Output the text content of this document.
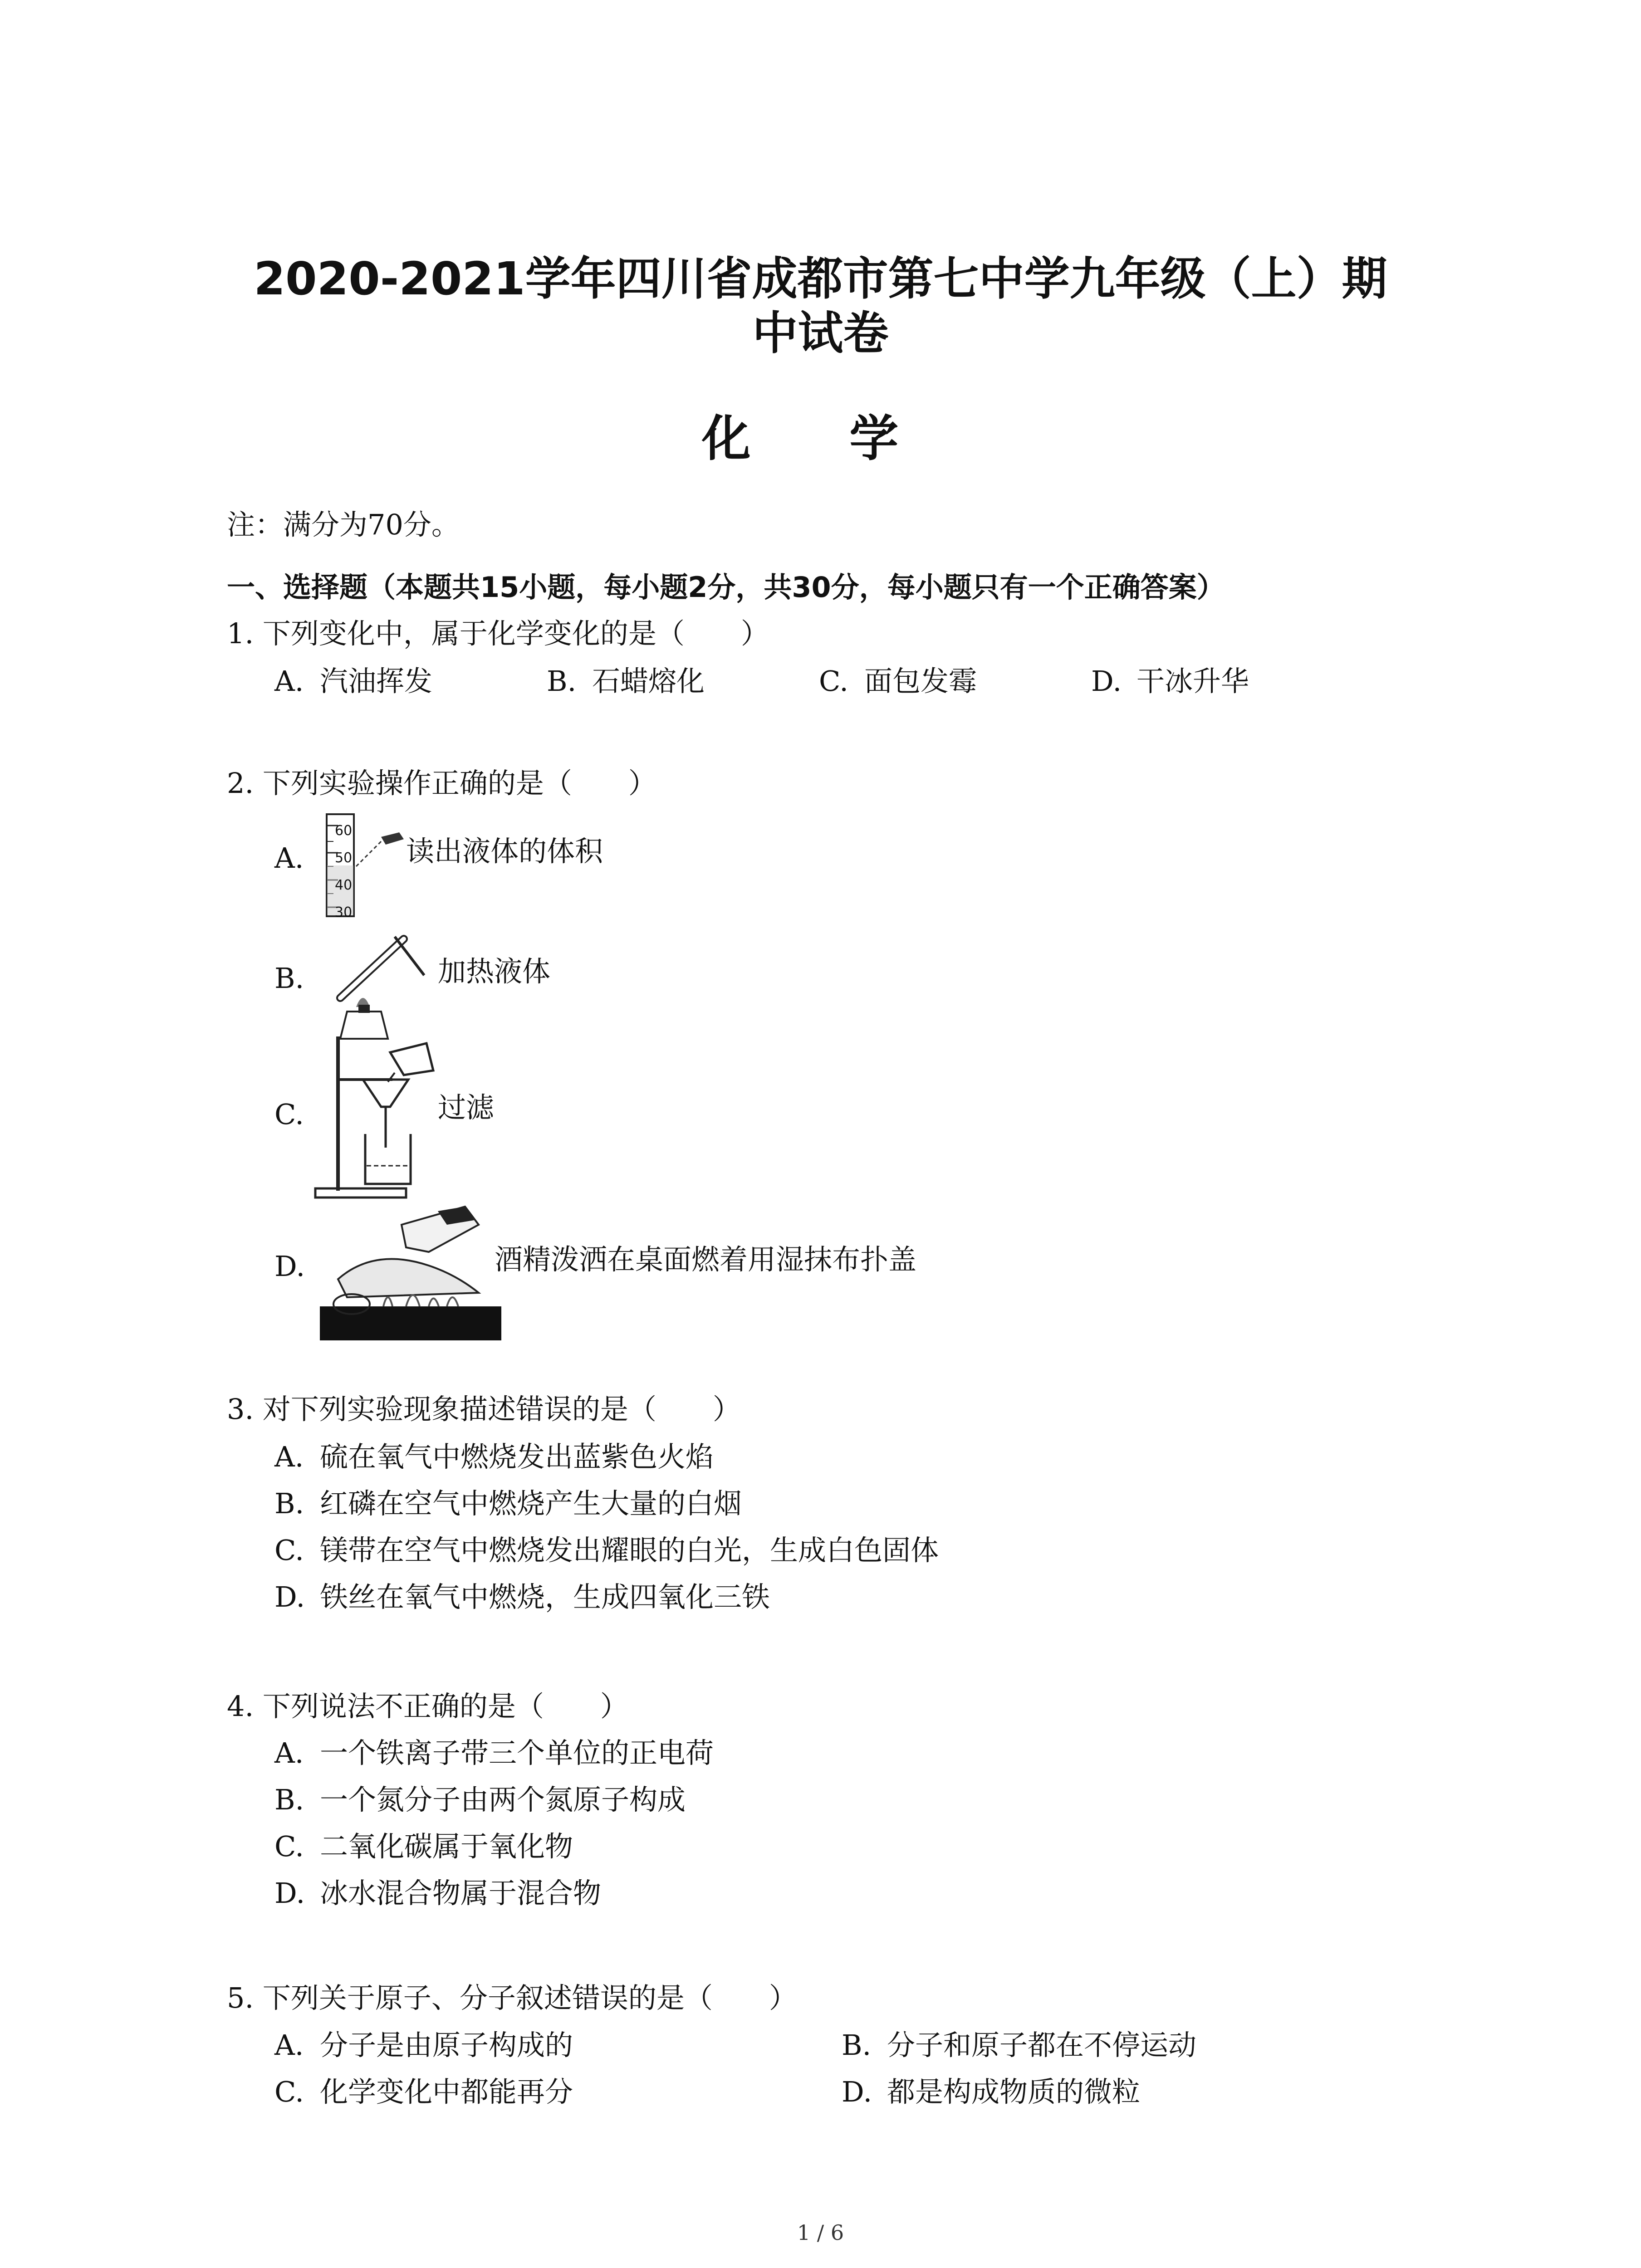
2020-2021学年四川省成都市第七中学九年级（上）期
中试卷
化 学
注：满分为70分。
一、选择题（本题共15小题，每小题2分，共30分，每小题只有一个正确答案）
1. 下列变化中，属于化学变化的是（　　）
A. 汽油挥发	B. 石蜡熔化	C. 面包发霉	D. 干冰升华
2. 下列实验操作正确的是（　　）
A.
60
50
40
30
读出液体的体积
B.	加热液体
C.	过滤
D.	酒精泼洒在桌面燃着用湿抹布扑盖
3. 对下列实验现象描述错误的是（　　）
A. 硫在氧气中燃烧发出蓝紫色火焰
B. 红磷在空气中燃烧产生大量的白烟
C. 镁带在空气中燃烧发出耀眼的白光，生成白色固体
D. 铁丝在氧气中燃烧，生成四氧化三铁
4. 下列说法不正确的是（　　）
A. 一个铁离子带三个单位的正电荷
B. 一个氮分子由两个氮原子构成
C. 二氧化碳属于氧化物
D. 冰水混合物属于混合物
5. 下列关于原子、分子叙述错误的是（　　）
A. 分子是由原子构成的	B. 分子和原子都在不停运动
C. 化学变化中都能再分	D. 都是构成物质的微粒
1 / 6
